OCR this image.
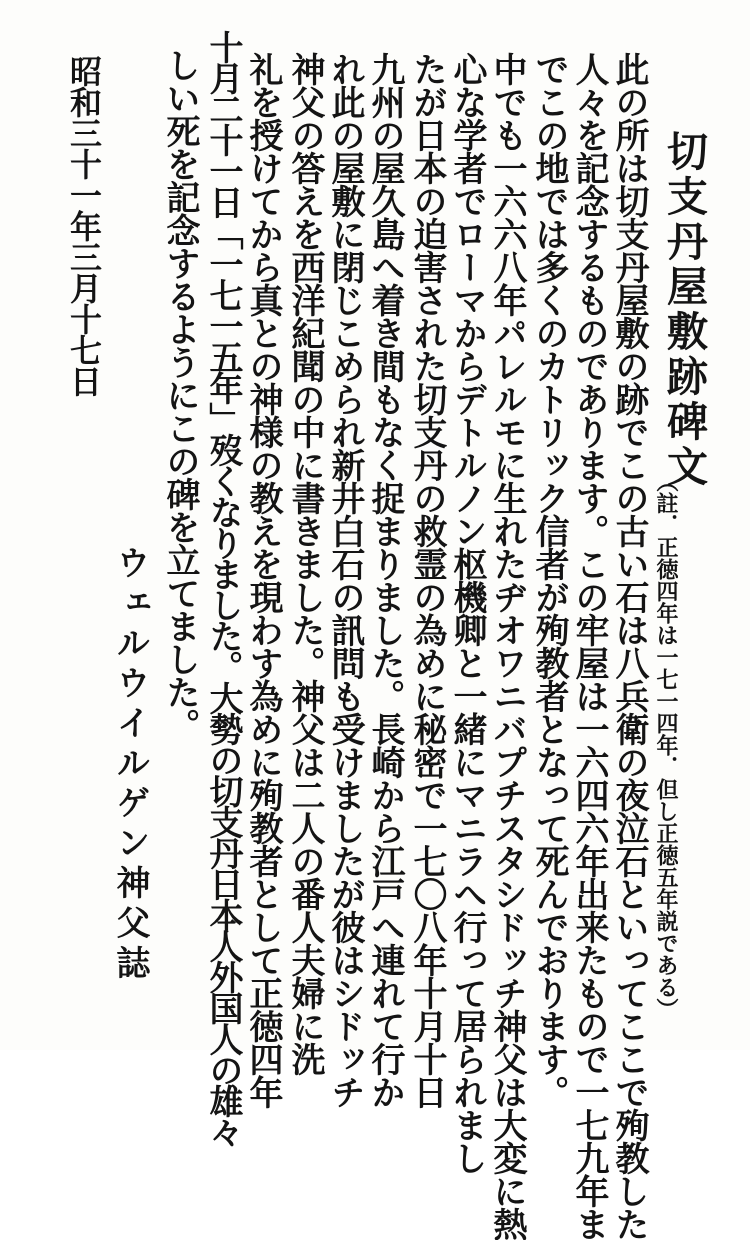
切支丹屋敷跡碑文
（註．正徳四年は一七一四年．但し正徳五年説である）
此の所は切支丹屋敷の跡でこの古い石は八兵衛の夜泣石といってここで殉教した
人々を記念するものであります。この牢屋は一六四六年出来たもので一七九年ま
でこの地では多くのカトリック信者が殉教者となって死んでおります。
中でも一六六八年パレルモに生れたヂオワニバプチスタシドッチ神父は大変に熱
心な学者でローマからデトルノン枢機卿と一緒にマニラへ行って居られまし
たが日本の迫害された切支丹の救霊の為めに秘密で一七〇八年十月十日
九州の屋久島へ着き間もなく捉まりました。長崎から江戸へ連れて行か
れ此の屋敷に閉じこめられ新井白石の訊問も受けましたが彼はシドッチ
神父の答えを西洋紀聞の中に書きました。神父は二人の番人夫婦に洗
礼を授けてから真との神様の教えを現わす為めに殉教者として正徳四年
十月二十一日「一七一五年」歿くなりました。大勢の切支丹日本人外国人の雄々
しい死を記念するようにこの碑を立てました。
ウェルウイルゲン神父誌
昭和三十一年三月十七日
